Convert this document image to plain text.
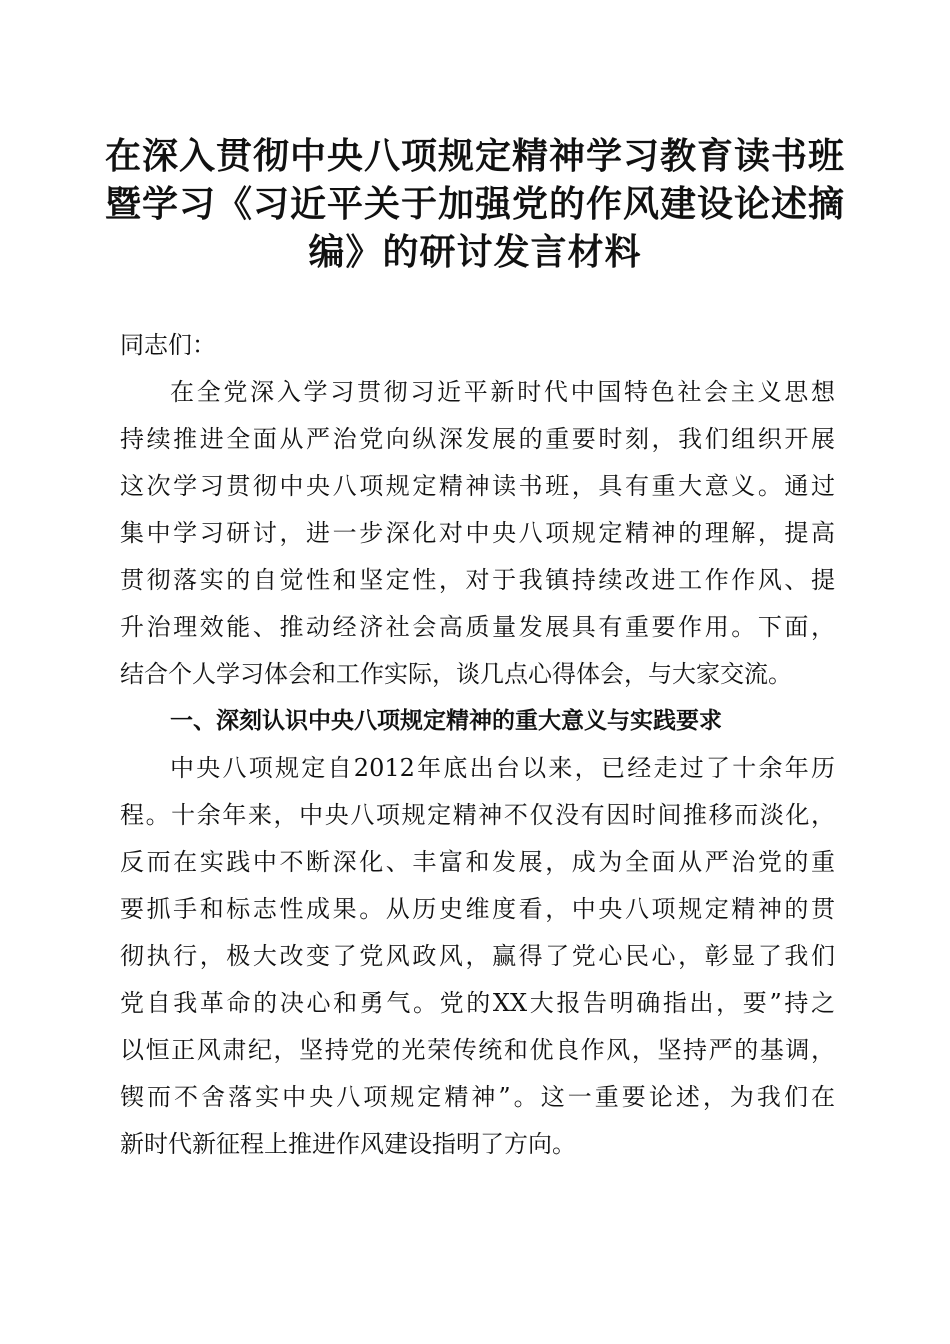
在深入贯彻中央八项规定精神学习教育读书班
暨学习《习近平关于加强党的作风建设论述摘
编》的研讨发言材料
同志们：
在全党深入学习贯彻习近平新时代中国特色社会主义思想
持续推进全面从严治党向纵深发展的重要时刻，我们组织开展
这次学习贯彻中央八项规定精神读书班，具有重大意义。通过
集中学习研讨，进一步深化对中央八项规定精神的理解，提高
贯彻落实的自觉性和坚定性，对于我镇持续改进工作作风、提
升治理效能、推动经济社会高质量发展具有重要作用。下面，
结合个人学习体会和工作实际，谈几点心得体会，与大家交流。
一、深刻认识中央八项规定精神的重大意义与实践要求
中央八项规定自2012年底出台以来，已经走过了十余年历
程。十余年来，中央八项规定精神不仅没有因时间推移而淡化，
反而在实践中不断深化、丰富和发展，成为全面从严治党的重
要抓手和标志性成果。从历史维度看，中央八项规定精神的贯
彻执行，极大改变了党风政风，赢得了党心民心，彰显了我们
党自我革命的决心和勇气。党的XX大报告明确指出，要”持之
以恒正风肃纪，坚持党的光荣传统和优良作风，坚持严的基调，
锲而不舍落实中央八项规定精神”。这一重要论述，为我们在
新时代新征程上推进作风建设指明了方向。
